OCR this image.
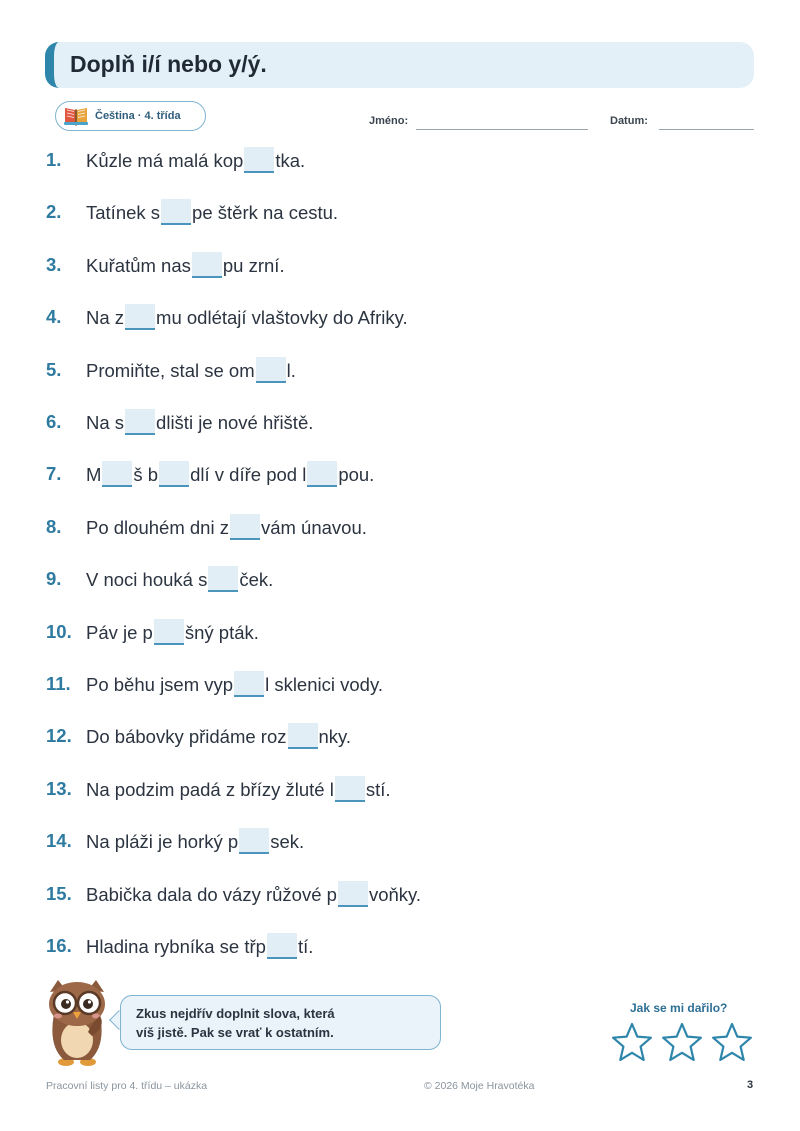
Doplň i/í nebo y/ý.
Čeština · 4. třída	Jméno:	Datum:
1.	Kůzle má malá kop tka.
2.	Tatínek s pe štěrk na cestu.
3.	Kuřatům nas pu zrní.
4.	Na z mu odlétají vlaštovky do Afriky.
5.	Promiňte, stal se om l.
6.	Na s dlišti je nové hřiště.
7.	M š b dlí v díře pod l pou.
8.	Po dlouhém dni z vám únavou.
9.	V noci houká s ček.
10. Páv je p šný pták.
11. Po běhu jsem vyp l sklenici vody.
12. Do bábovky přidáme roz nky.
13. Na podzim padá z břízy žluté l stí.
14. Na pláži je horký p sek.
15. Babička dala do vázy růžové p voňky.
16. Hladina rybníka se třp tí.
Zkus nejdřív doplnit slova, která
víš jistě. Pak se vrať k ostatním.
Jak se mi dařilo?
Pracovní listy pro 4. třídu – ukázka	© 2026 Moje Hravotéka	3
